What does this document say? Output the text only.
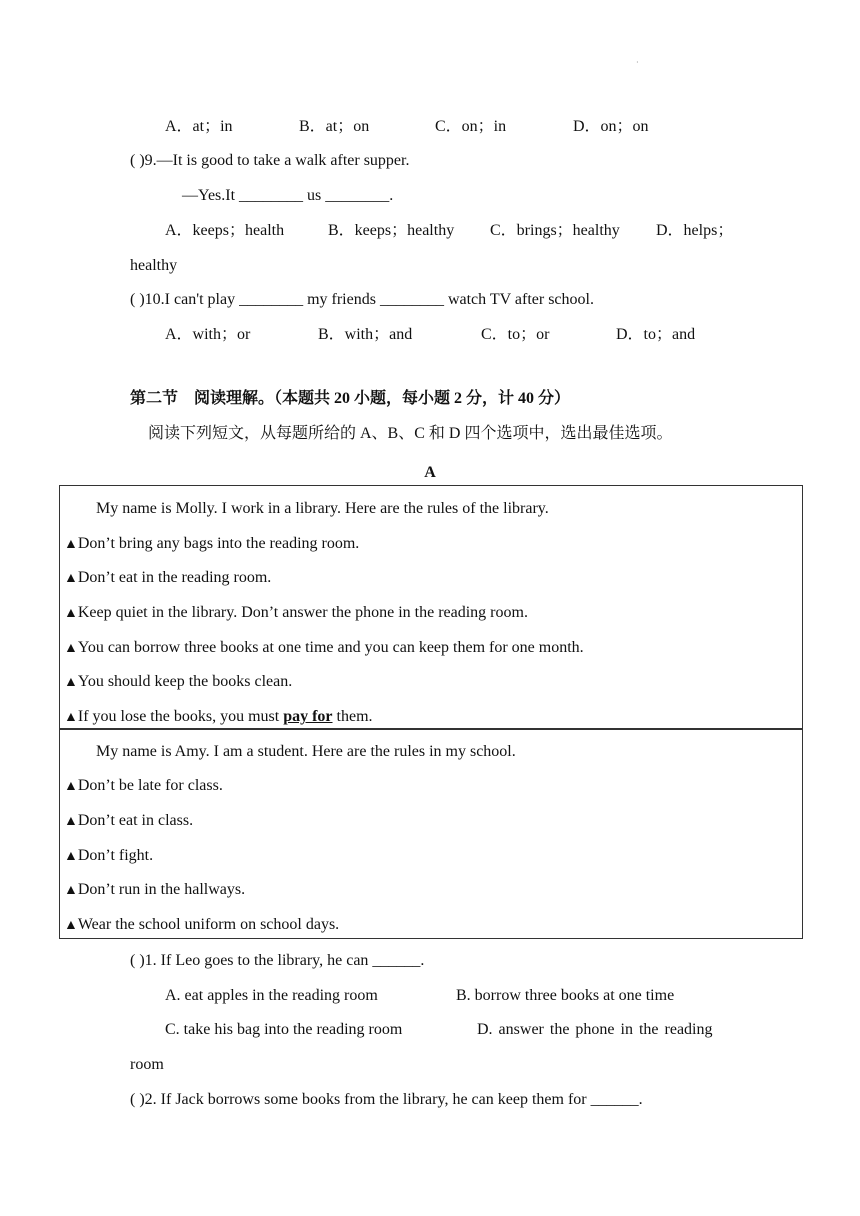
·
A．at；in	B．at；on	C．on；in	D．on；on
( )9.—It is good to take a walk after supper.
—Yes.It ________ us ________.
A．keeps；health	B．keeps；healthy C．brings；healthy D．helps；
healthy
( )10.I can't play ________ my friends ________ watch TV after school.
A．with；or	B．with；and	C．to；or	D．to；and
第二节　阅读理解。（本题共 20 小题，每小题 2 分，计 40 分）
阅读下列短文，从每题所给的 A、B、C 和 D 四个选项中，选出最佳选项。
A
My name is Molly. I work in a library. Here are the rules of the library.
▲Don’t bring any bags into the reading room.
▲Don’t eat in the reading room.
▲Keep quiet in the library. Don’t answer the phone in the reading room.
▲You can borrow three books at one time and you can keep them for one month.
▲You should keep the books clean.
▲If you lose the books, you must pay for them.
My name is Amy. I am a student. Here are the rules in my school.
▲Don’t be late for class.
▲Don’t eat in class.
▲Don’t fight.
▲Don’t run in the hallways.
▲Wear the school uniform on school days.
( )1. If Leo goes to the library, he can ______.
A. eat apples in the reading room	B. borrow three books at one time
C. take his bag into the reading room	D. answer the phone in the reading
room
( )2. If Jack borrows some books from the library, he can keep them for ______.
